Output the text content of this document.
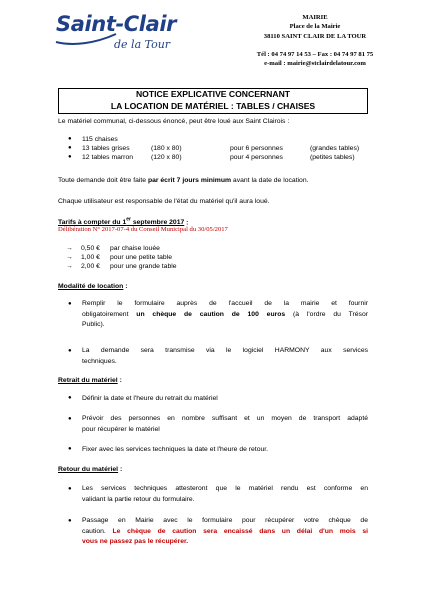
Saint-Clair
de la Tour
MAIRIE
Place de la Mairie
38110 SAINT CLAIR DE LA TOUR
Tél : 04 74 97 14 53 – Fax : 04 74 97 81 75
e-mail : mairie@stclairdelatour.com
NOTICE EXPLICATIVE CONCERNANT
LA LOCATION DE MATÉRIEL : TABLES / CHAISES
Le matériel communal, ci-dessous énoncé, peut être loué aux Saint Clairois :
● 115 chaises
● 13 tables grises	(180 x 80)	pour 6 personnes	(grandes tables)
● 12 tables marron	(120 x 80)	pour 4 personnes	(petites tables)
Toute demande doit être faite par écrit 7 jours minimum avant la date de location.
Chaque utilisateur est responsable de l'état du matériel qu'il aura loué.
Tarifs à compter du 1er septembre 2017 :
Délibération N° 2017-07-4 du Conseil Municipal du 30/05/2017
→ 0,50 € par chaise louée
→ 1,00 € pour une petite table
→ 2,00 € pour une grande table
Modalité de location :
● Remplir le formulaire auprès de l'accueil de la mairie et fournir
obligatoirement un chèque de caution de 100 euros (à l'ordre du Trésor
Public).
● La demande sera transmise via le logiciel HARMONY aux services
techniques.
Retrait du matériel :
● Définir la date et l'heure du retrait du matériel
● Prévoir des personnes en nombre suffisant et un moyen de transport adapté
pour récupérer le matériel
● Fixer avec les services techniques la date et l'heure de retour.
Retour du matériel :
● Les services techniques attesteront que le matériel rendu est conforme en
validant la partie retour du formulaire.
● Passage en Mairie avec le formulaire pour récupérer votre chèque de
caution. Le chèque de caution sera encaissé dans un délai d'un mois si
vous ne passez pas le récupérer.
